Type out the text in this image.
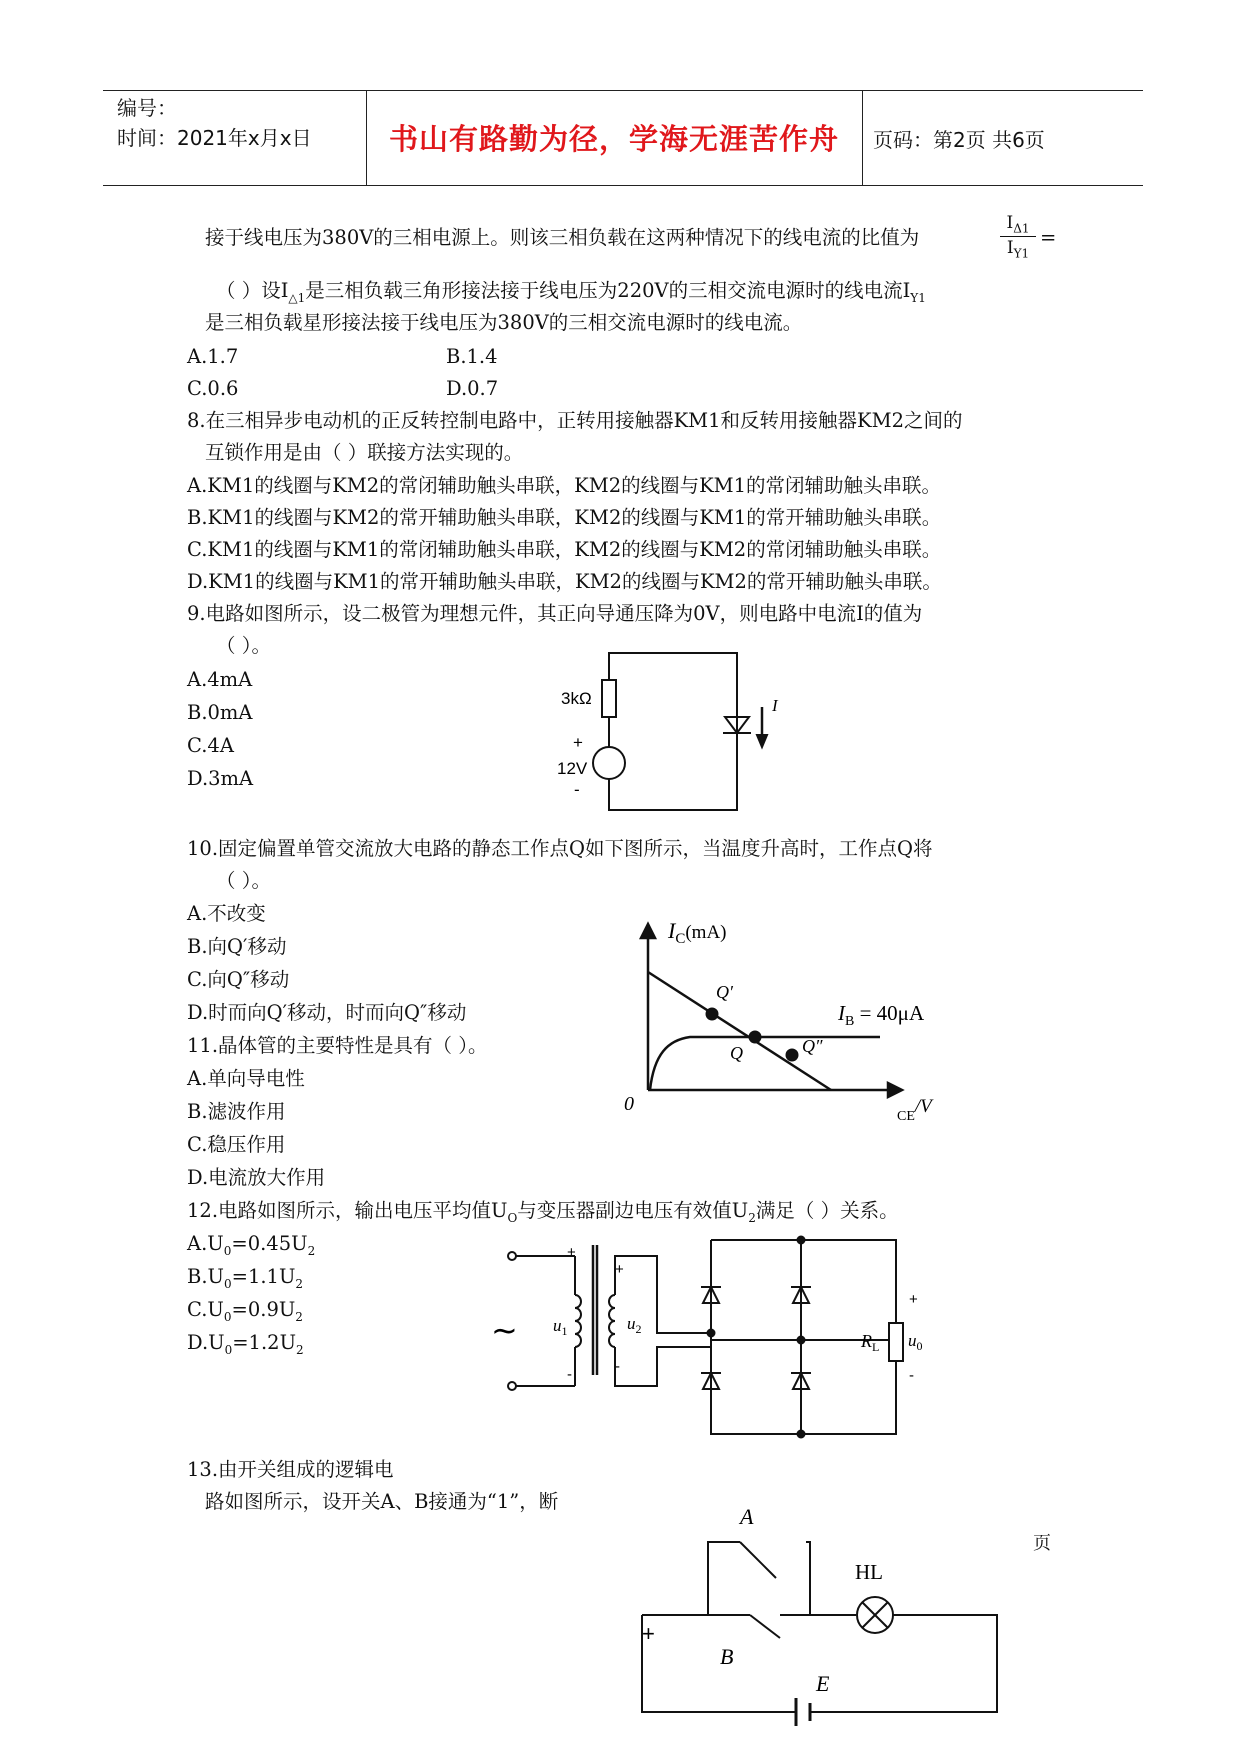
编号：
时间：2021年x月x日	书山有路勤为径，学海无涯苦作舟	页码：第2页 共6页
接于线电压为380V的三相电源上。则该三相负载在这两种情况下的线电流的比值为
$I_{\Delta 1}$
$I_{Y1}$
=
（ ）设$I_{\triangle 1}$是三相负载三角形接法接于线电压为220V的三相交流电源时的线电流$I_{Y1}$
是三相负载星形接法接于线电压为380V的三相交流电源时的线电流。
A.1.7	B.1.4
C.0.6	D.0.7
8.在三相异步电动机的正反转控制电路中，正转用接触器KM1和反转用接触器KM2之间的
互锁作用是由（ ）联接方法实现的。
A.KM1的线圈与KM2的常闭辅助触头串联，KM2的线圈与KM1的常闭辅助触头串联。
B.KM1的线圈与KM2的常开辅助触头串联，KM2的线圈与KM1的常开辅助触头串联。
C.KM1的线圈与KM1的常闭辅助触头串联，KM2的线圈与KM2的常闭辅助触头串联。
D.KM1的线圈与KM1的常开辅助触头串联，KM2的线圈与KM2的常开辅助触头串联。
9.电路如图所示，设二极管为理想元件，其正向导通压降为0V，则电路中电流I的值为
（ ）。
A.4mA
B.0mA
C.4A
D.3mA
3kΩ
+
12V
-
I
10.固定偏置单管交流放大电路的静态工作点Q如下图所示，当温度升高时，工作点Q将
（ ）。
A.不改变
B.向Q′移动
C.向Q″移动
D.时而向Q′移动，时而向Q″移动
$I_C(mA)$
CE/V
0
Q′
Q	Q″
$I_B = 40\mu A$
11.晶体管的主要特性是具有（ ）。
A.单向导电性
B.滤波作用
C.稳压作用
D.电流放大作用
12.电路如图所示，输出电压平均值$U_O$与变压器副边电压有效值$U_2$满足（ ）关系。
$A.U_0=0.45U_2$
$B.U_0=1.1U_2$
$C.U_0=0.9U_2$
$D.U_0=1.2U_2$
~
+
-
+
-
$u_1$	$u_2$
+
-
$R_L$ $u_0$
13.由开关组成的逻辑电
路如图所示，设开关A、B接通为“1”，断
页
A
B
HL
E
+
